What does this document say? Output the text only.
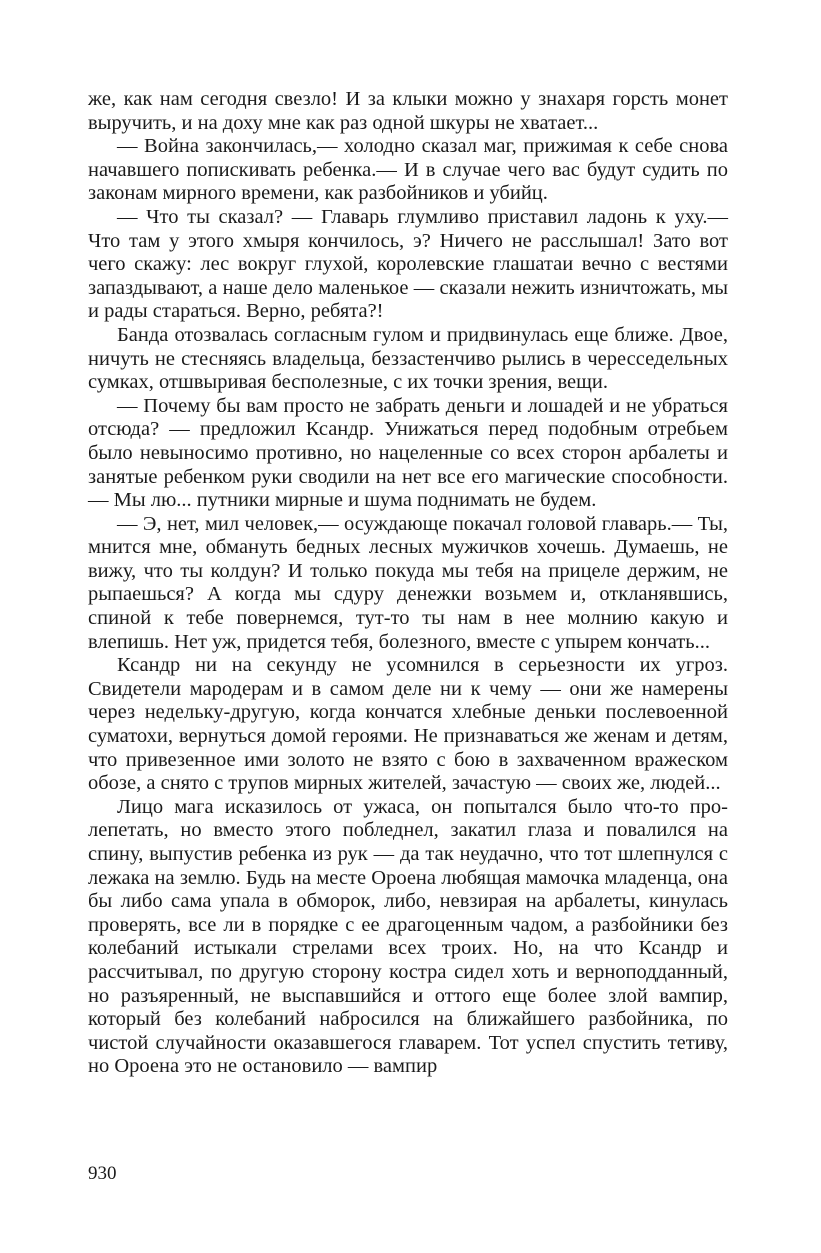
же, как нам сегодня свезло! И за клыки можно у знахаря горсть монет выручить, и на доху мне как раз одной шкуры не хватает...

— Война закончилась,— холодно сказал маг, прижимая к себе снова начавшего попискивать ребенка.— И в случае чего вас будут судить по законам мирного времени, как разбойников и убийц.

— Что ты сказал? — Главарь глумливо приставил ладонь к уху.— Что там у этого хмыря кончилось, э? Ничего не расслышал! Зато вот чего скажу: лес вокруг глухой, королевские глашатаи вечно с вестями запаздывают, а наше дело маленькое — сказали нежить изничтожать, мы и рады стараться. Верно, ребята?!

Банда отозвалась согласным гулом и придвинулась еще ближе. Двое, ничуть не стесняясь владельца, беззастенчиво рылись в чересседельных сумках, отшвыривая бесполезные, с их точки зрения, вещи.

— Почему бы вам просто не забрать деньги и лошадей и не убраться отсюда? — предложил Ксандр. Унижаться перед подобным отребьем было невыносимо противно, но нацеленные со всех сторон арбалеты и занятые ребенком руки сводили на нет все его магические способности.— Мы лю... путники мирные и шума поднимать не будем.

— Э, нет, мил человек,— осуждающе покачал головой главарь.— Ты, мнится мне, обмануть бедных лесных мужичков хочешь. Думаешь, не вижу, что ты колдун? И только покуда мы тебя на прицеле держим, не рыпаешься? А когда мы сдуру денежки возьмем и, откланявшись, спиной к тебе повернемся, тут-то ты нам в нее молнию какую и влепишь. Нет уж, придется тебя, болезного, вместе с упырем кончать...

Ксандр ни на секунду не усомнился в серьезности их угроз. Свидетели мародерам и в самом деле ни к чему — они же намерены через недельку-другую, когда кончатся хлебные деньки послевоенной суматохи, вернуться домой героями. Не признаваться же женам и детям, что привезенное ими золото не взято с бою в захваченном вражеском обозе, а снято с трупов мирных жителей, зачастую — своих же, людей...

Лицо мага исказилось от ужаса, он попытался было что-то пролепетать, но вместо этого побледнел, закатил глаза и повалился на спину, выпустив ребенка из рук — да так неудачно, что тот шлепнулся с лежака на землю. Будь на месте Ороена любящая мамочка младенца, она бы либо сама упала в обморок, либо, невзирая на арбалеты, кинулась проверять, все ли в порядке с ее драгоценным чадом, а разбойники без колебаний истыкали стрелами всех троих. Но, на что Ксандр и рассчитывал, по другую сторону костра сидел хоть и верноподданный, но разъяренный, не выспавшийся и оттого еще более злой вампир, который без колебаний набросился на ближайшего разбойника, по чистой случайности оказавшегося главарем. Тот успел спустить тетиву, но Ороена это не остановило — вампир

930
